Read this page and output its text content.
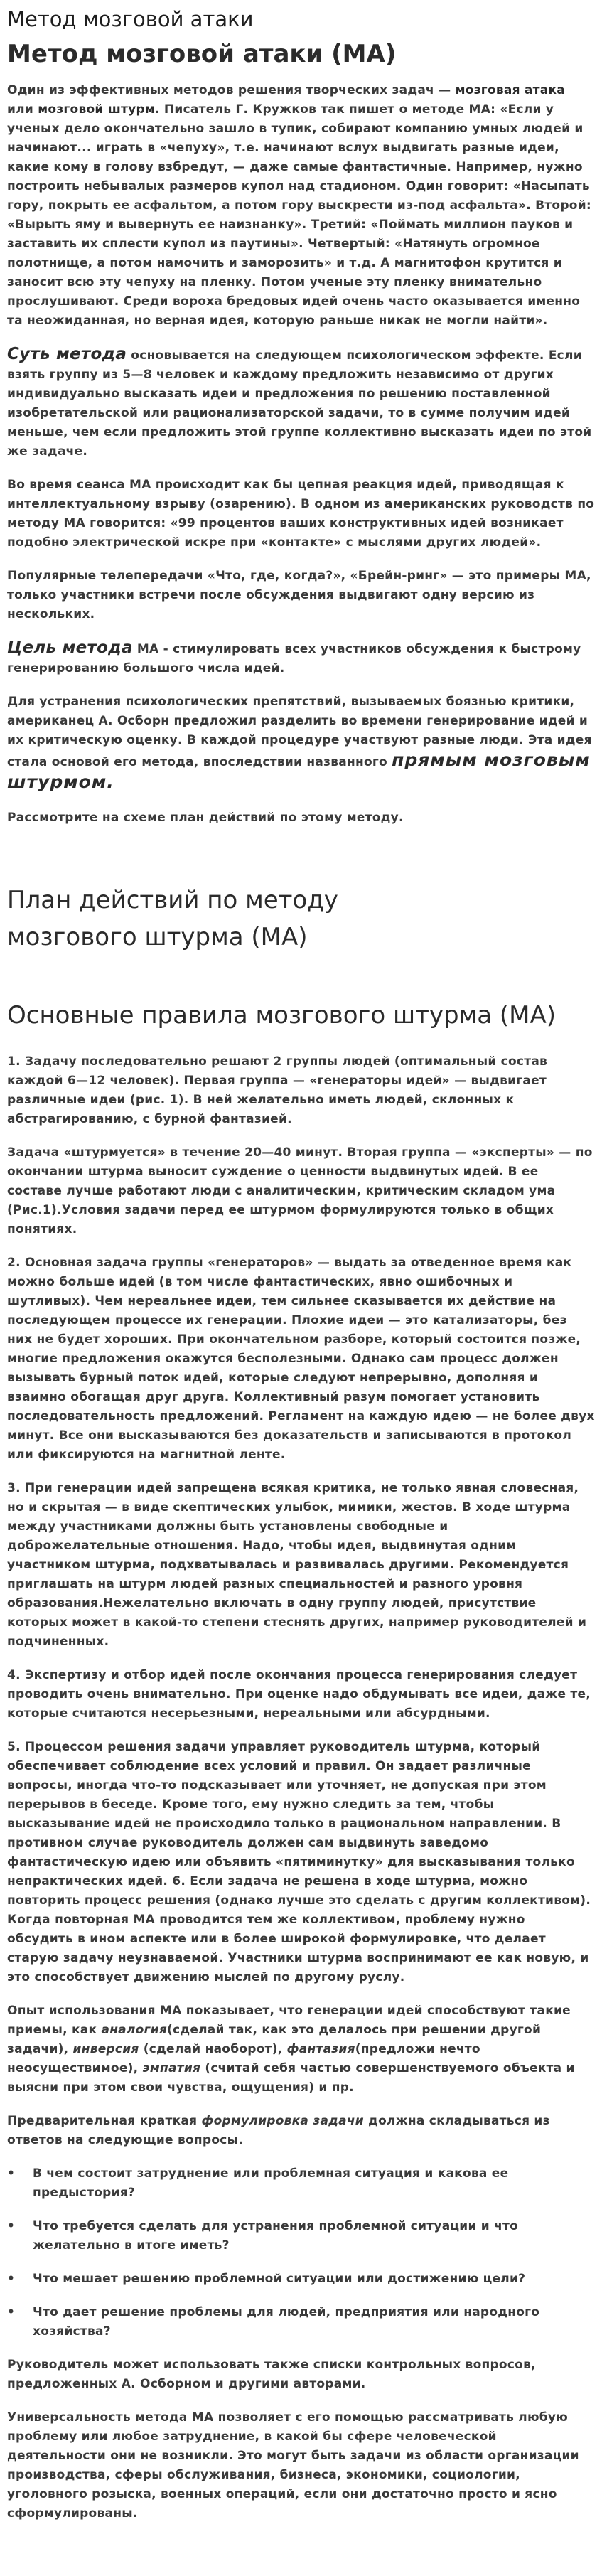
Метод мозговой атаки
Метод мозговой атаки (МА)

Один из эффективных методов решения творческих задач — мозговая атака или мозговой штурм. Писатель Г. Кружков так пишет о методе МА: «Если у ученых дело окончательно зашло в тупик, собирают компанию умных людей и начинают... играть в «чепуху», т.е. начинают вслух выдвигать разные идеи, какие кому в голову взбредут, — даже самые фантастичные. Например, нужно построить небывалых размеров купол над стадионом. Один говорит: «Насыпать гору, покрыть ее асфальтом, а потом гору выскрести из-под асфальта». Второй: «Вырыть яму и вывернуть ее наизнанку». Третий: «Поймать миллион пауков и заставить их сплести купол из паутины». Четвертый: «Натянуть огромное полотнище, а потом намочить и заморозить» и т.д. А магнитофон крутится и заносит всю эту чепуху на пленку. Потом ученые эту пленку внимательно прослушивают. Среди вороха бредовых идей очень часто оказывается именно та неожиданная, но верная идея, которую раньше никак не могли найти».

Суть метода основывается на следующем психологическом эффекте. Если взять группу из 5—8 человек и каждому предложить независимо от других индивидуально высказать идеи и предложения по решению поставленной изобретательской или рационализаторской задачи, то в сумме получим идей меньше, чем если предложить этой группе коллективно высказать идеи по этой же задаче.

Во время сеанса МА происходит как бы цепная реакция идей, приводящая к интеллектуальному взрыву (озарению). В одном из американских руководств по методу МА говорится: «99 процентов ваших конструктивных идей возникает подобно электрической искре при «контакте» с мыслями других людей».

Популярные телепередачи «Что, где, когда?», «Брейн-ринг» — это примеры МА, только участники встречи после обсуждения выдвигают одну версию из нескольких.

Цель метода МА - стимулировать всех участников обсуждения к быстрому генерированию большого числа идей.

Для устранения психологических препятствий, вызываемых боязнью критики, американец А. Осборн предложил разделить во времени генерирование идей и их критическую оценку. В каждой процедуре участвуют разные люди. Эта идея стала основой его метода, впоследствии названного прямым мозговым штурмом.

Рассмотрите на схеме план действий по этому методу.

План действий по методу
мозгового штурма (МА)
Основные правила мозгового штурма (МА)

1. Задачу последовательно решают 2 группы людей (оптимальный состав каждой 6—12 человек). Первая группа — «генераторы идей» — выдвигает различные идеи (рис. 1). В ней желательно иметь людей, склонных к абстрагированию, с бурной фантазией.

Задача «штурмуется» в течение 20—40 минут. Вторая группа — «эксперты» — по окончании штурма выносит суждение о ценности выдвинутых идей. В ее составе лучше работают люди с аналитическим, критическим складом ума (Рис.1).Условия задачи перед ее штурмом формулируются только в общих понятиях.

2. Основная задача группы «генераторов» — выдать за отведенное время как можно больше идей (в том числе фантастических, явно ошибочных и шутливых). Чем нереальнее идеи, тем сильнее сказывается их действие на последующем процессе их генерации. Плохие идеи — это катализаторы, без них не будет хороших. При окончательном разборе, который состоится позже, многие предложения окажутся бесполезными. Однако сам процесс должен вызывать бурный поток идей, которые следуют непрерывно, дополняя и взаимно обогащая друг друга. Коллективный разум помогает установить последовательность предложений. Регламент на каждую идею — не более двух минут. Все они высказываются без доказательств и записываются в протокол или фиксируются на магнитной ленте.

3. При генерации идей запрещена всякая критика, не только явная словесная, но и скрытая — в виде скептических улыбок, мимики, жестов. В ходе штурма между участниками должны быть установлены свободные и доброжелательные отношения. Надо, чтобы идея, выдвинутая одним участником штурма, подхватывалась и развивалась другими. Рекомендуется приглашать на штурм людей разных специальностей и разного уровня образования.Нежелательно включать в одну группу людей, присутствие которых может в какой-то степени стеснять других, например руководителей и подчиненных.

4. Экспертизу и отбор идей после окончания процесса генерирования следует проводить очень внимательно. При оценке надо обдумывать все идеи, даже те, которые считаются несерьезными, нереальными или абсурдными.

5. Процессом решения задачи управляет руководитель штурма, который обеспечивает соблюдение всех условий и правил. Он задает различные вопросы, иногда что-то подсказывает или уточняет, не допуская при этом перерывов в беседе. Кроме того, ему нужно следить за тем, чтобы высказывание идей не происходило только в рациональном направлении. В противном случае руководитель должен сам выдвинуть заведомо фантастическую идею или объявить «пятиминутку» для высказывания только непрактических идей. 6. Если задача не решена в ходе штурма, можно повторить процесс решения (однако лучше это сделать с другим коллективом). Когда повторная МА проводится тем же коллективом, проблему нужно обсудить в ином аспекте или в более широкой формулировке, что делает старую задачу неузнаваемой. Участники штурма воспринимают ее как новую, и это способствует движению мыслей по другому руслу.

Опыт использования МА показывает, что генерации идей способствуют такие приемы, как аналогия(сделай так, как это делалось при решении другой задачи), инверсия (сделай наоборот), фантазия(предложи нечто неосуществимое), эмпатия (считай себя частью совершенствуемого объекта и выясни при этом свои чувства, ощущения) и пр.

Предварительная краткая формулировка задачи должна складываться из ответов на следующие вопросы.

•	В чем состоит затруднение или проблемная ситуация и какова ее предыстория?
•	Что требуется сделать для устранения проблемной ситуации и что желательно в итоге иметь?
•	Что мешает решению проблемной ситуации или достижению цели?
•	Что дает решение проблемы для людей, предприятия или народного хозяйства?

Руководитель может использовать также списки контрольных вопросов, предложенных А. Осборном и другими авторами.

Универсальность метода МА позволяет с его помощью рассматривать любую проблему или любое затруднение, в какой бы сфере человеческой деятельности они не возникли. Это могут быть задачи из области организации производства, сферы обслуживания, бизнеса, экономики, социологии, уголовного розыска, военных операций, если они достаточно просто и ясно сформулированы.
